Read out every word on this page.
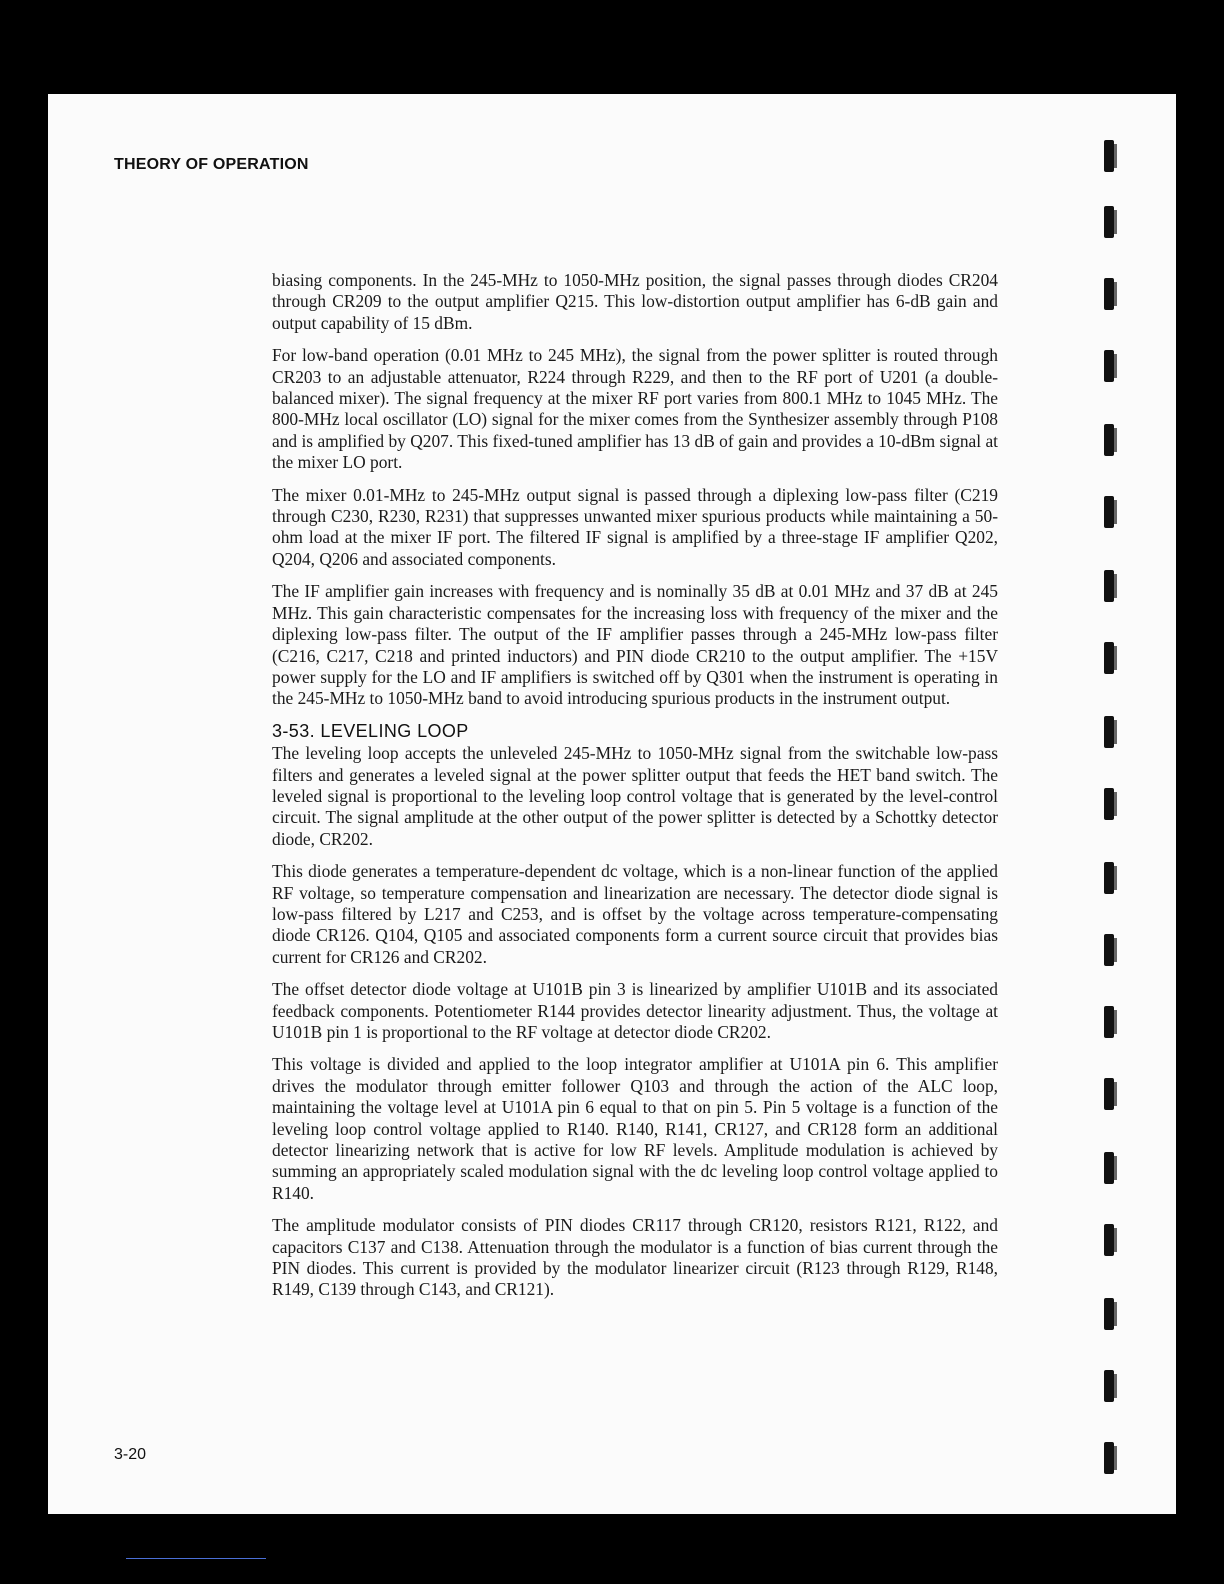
THEORY OF OPERATION

biasing components. In the 245-MHz to 1050-MHz position, the signal passes through diodes CR204 through CR209 to the output amplifier Q215. This low-distortion output amplifier has 6-dB gain and output capability of 15 dBm.

For low-band operation (0.01 MHz to 245 MHz), the signal from the power splitter is routed through CR203 to an adjustable attenuator, R224 through R229, and then to the RF port of U201 (a double-balanced mixer). The signal frequency at the mixer RF port varies from 800.1 MHz to 1045 MHz. The 800-MHz local oscillator (LO) signal for the mixer comes from the Synthesizer assembly through P108 and is amplified by Q207. This fixed-tuned amplifier has 13 dB of gain and provides a 10-dBm signal at the mixer LO port.

The mixer 0.01-MHz to 245-MHz output signal is passed through a diplexing low-pass filter (C219 through C230, R230, R231) that suppresses unwanted mixer spurious products while maintaining a 50-ohm load at the mixer IF port. The filtered IF signal is amplified by a three-stage IF amplifier Q202, Q204, Q206 and associated components.

The IF amplifier gain increases with frequency and is nominally 35 dB at 0.01 MHz and 37 dB at 245 MHz. This gain characteristic compensates for the increasing loss with frequency of the mixer and the diplexing low-pass filter. The output of the IF amplifier passes through a 245-MHz low-pass filter (C216, C217, C218 and printed inductors) and PIN diode CR210 to the output amplifier. The +15V power supply for the LO and IF amplifiers is switched off by Q301 when the instrument is operating in the 245-MHz to 1050-MHz band to avoid introducing spurious products in the instrument output.

3-53. LEVELING LOOP

The leveling loop accepts the unleveled 245-MHz to 1050-MHz signal from the switchable low-pass filters and generates a leveled signal at the power splitter output that feeds the HET band switch. The leveled signal is proportional to the leveling loop control voltage that is generated by the level-control circuit. The signal amplitude at the other output of the power splitter is detected by a Schottky detector diode, CR202.

This diode generates a temperature-dependent dc voltage, which is a non-linear function of the applied RF voltage, so temperature compensation and linearization are necessary. The detector diode signal is low-pass filtered by L217 and C253, and is offset by the voltage across temperature-compensating diode CR126. Q104, Q105 and associated components form a current source circuit that provides bias current for CR126 and CR202.

The offset detector diode voltage at U101B pin 3 is linearized by amplifier U101B and its associated feedback components. Potentiometer R144 provides detector linearity adjustment. Thus, the voltage at U101B pin 1 is proportional to the RF voltage at detector diode CR202.

This voltage is divided and applied to the loop integrator amplifier at U101A pin 6. This amplifier drives the modulator through emitter follower Q103 and through the action of the ALC loop, maintaining the voltage level at U101A pin 6 equal to that on pin 5. Pin 5 voltage is a function of the leveling loop control voltage applied to R140. R140, R141, CR127, and CR128 form an additional detector linearizing network that is active for low RF levels. Amplitude modulation is achieved by summing an appropriately scaled modulation signal with the dc leveling loop control voltage applied to R140.

The amplitude modulator consists of PIN diodes CR117 through CR120, resistors R121, R122, and capacitors C137 and C138. Attenuation through the modulator is a function of bias current through the PIN diodes. This current is provided by the modulator linearizer circuit (R123 through R129, R148, R149, C139 through C143, and CR121).

3-20
